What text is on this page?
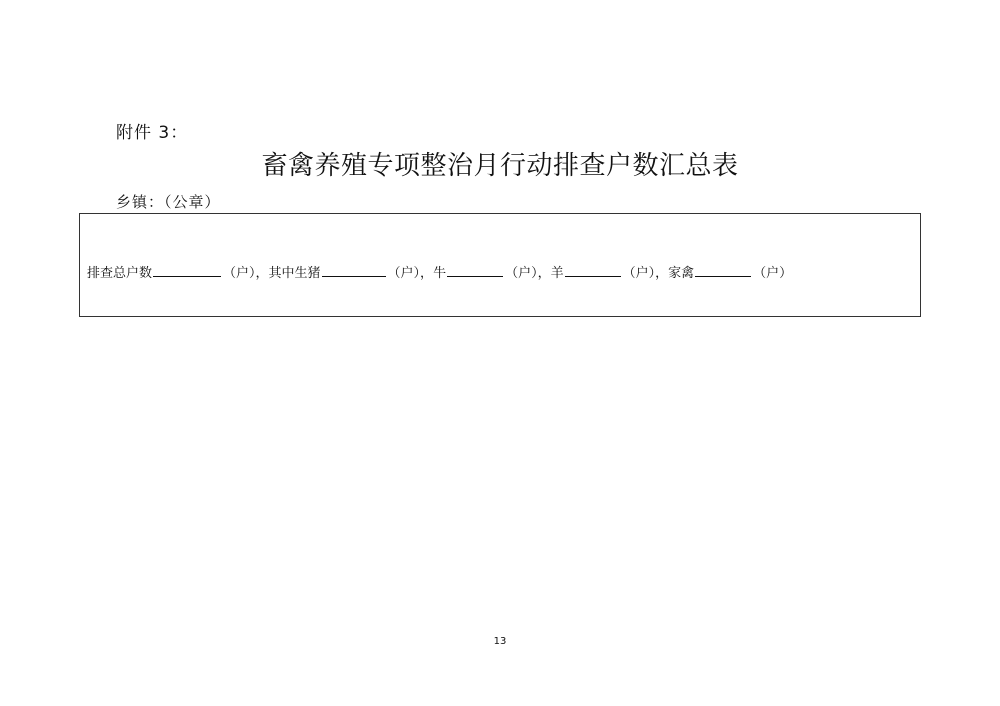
附件 3：
畜禽养殖专项整治月行动排查户数汇总表
乡镇：（公章）
排查总户数	（户）， 其中生猪	（户）， 牛	（户）， 羊	（户）， 家禽	（户）
13
